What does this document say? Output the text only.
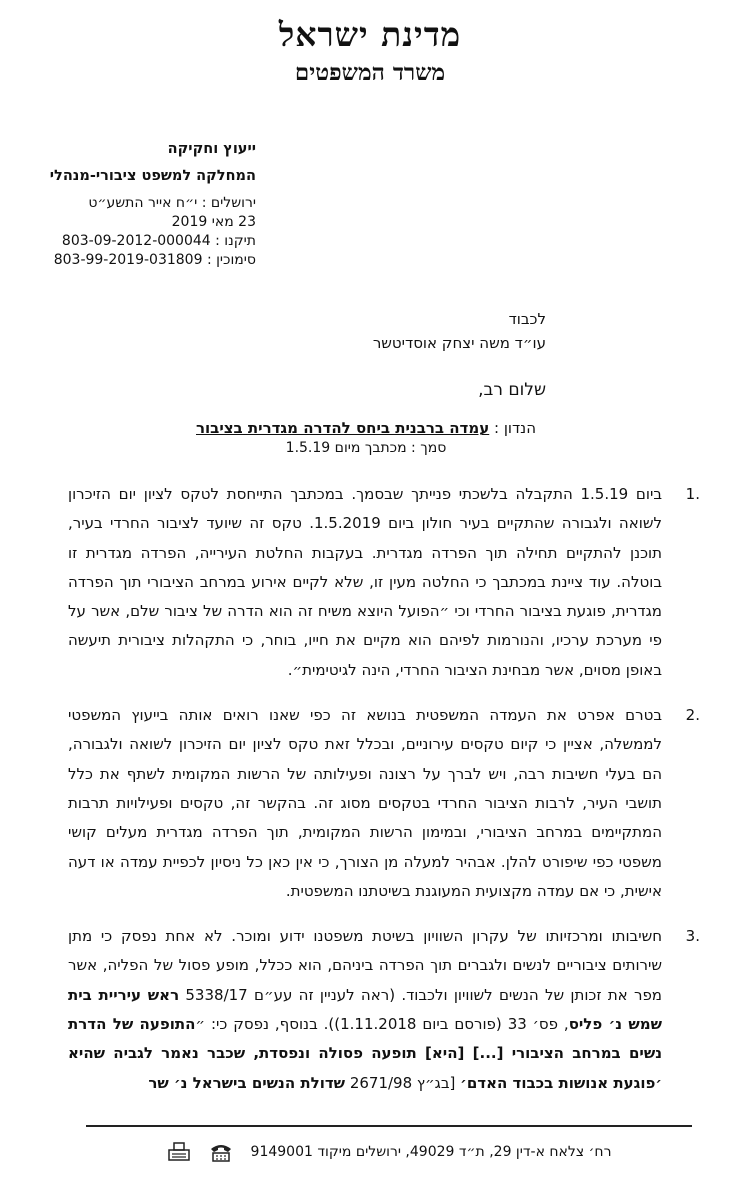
מדינת ישראל
משרד המשפטים
ייעוץ וחקיקה
המחלקה למשפט ציבורי-מנהלי
ירושלים : י״ח אייר התשע״ט
23 מאי 2019
תיקנו : 803-09-2012-000044
סימוכין : 803-99-2019-031809
לכבוד
עו״ד משה יצחק אוסדיטשר
שלום רב,
הנדון : עמדה ברבנית ביחס להדרה מגדרית בציבור
סמך : מכתבך מיום 1.5.19
.1
ביום 1.5.19 התקבלה בלשכתי פנייתך שבסמך. במכתבך התייחסת לטקס לציון יום הזיכרון לשואה ולגבורה שהתקיים בעיר חולון ביום 1.5.2019. טקס זה שיועד לציבור החרדי בעיר, תוכנן להתקיים תחילה תוך הפרדה מגדרית. בעקבות החלטת העירייה, הפרדה מגדרית זו בוטלה. עוד ציינת במכתבך כי החלטה מעין זו, שלא לקיים אירוע במרחב הציבורי תוך הפרדה מגדרית, פוגעת בציבור החרדי וכי ״הפועל היוצא משיח זה הוא הדרה של ציבור שלם, אשר על פי מערכת ערכיו, והנורמות לפיהם הוא מקיים את חייו, בוחר, כי התקהלות ציבורית תיעשה באופן מסוים, אשר מבחינת הציבור החרדי, הינה לגיטימית״.
.2
בטרם אפרט את העמדה המשפטית בנושא זה כפי שאנו רואים אותה בייעוץ המשפטי לממשלה, אציין כי קיום טקסים עירוניים, ובכלל זאת טקס לציון יום הזיכרון לשואה ולגבורה, הם בעלי חשיבות רבה, ויש לברך על רצונה ופעילותה של הרשות המקומית לשתף את כלל תושבי העיר, לרבות הציבור החרדי בטקסים מסוג זה. בהקשר זה, טקסים ופעילויות תרבות המתקיימים במרחב הציבורי, ובמימון הרשות המקומית, תוך הפרדה מגדרית מעלים קושי משפטי כפי שיפורט להלן. אבהיר למעלה מן הצורך, כי אין כאן כל ניסיון לכפיית עמדה או דעה אישית, כי אם עמדה מקצועית המעוגנת בשיטתנו המשפטית.
.3
חשיבותו ומרכזיותו של עקרון השוויון בשיטת משפטנו ידוע ומוכר. לא אחת נפסק כי מתן שירותים ציבוריים לנשים ולגברים תוך הפרדה ביניהם, הוא ככלל, מופע פסול של הפליה, אשר מפר את זכותן של הנשים לשוויון ולכבוד. (ראה לעניין זה עע״ם 5338/17 ראש עיריית בית שמש נ׳ פליס, פס׳ 33 (פורסם ביום 1.11.2018)). בנוסף, נפסק כי: ״התופעה של הדרת נשים במרחב הציבורי [...] [היא] תופעה פסולה ונפסדת, שכבר נאמר לגביה שהיא ׳פוגעת אנושות בכבוד האדם׳ [בג״ץ 2671/98 שדולת הנשים בישראל נ׳ שר
רח׳ צלאח א-דין 29, ת״ד 49029, ירושלים מיקוד 9149001
